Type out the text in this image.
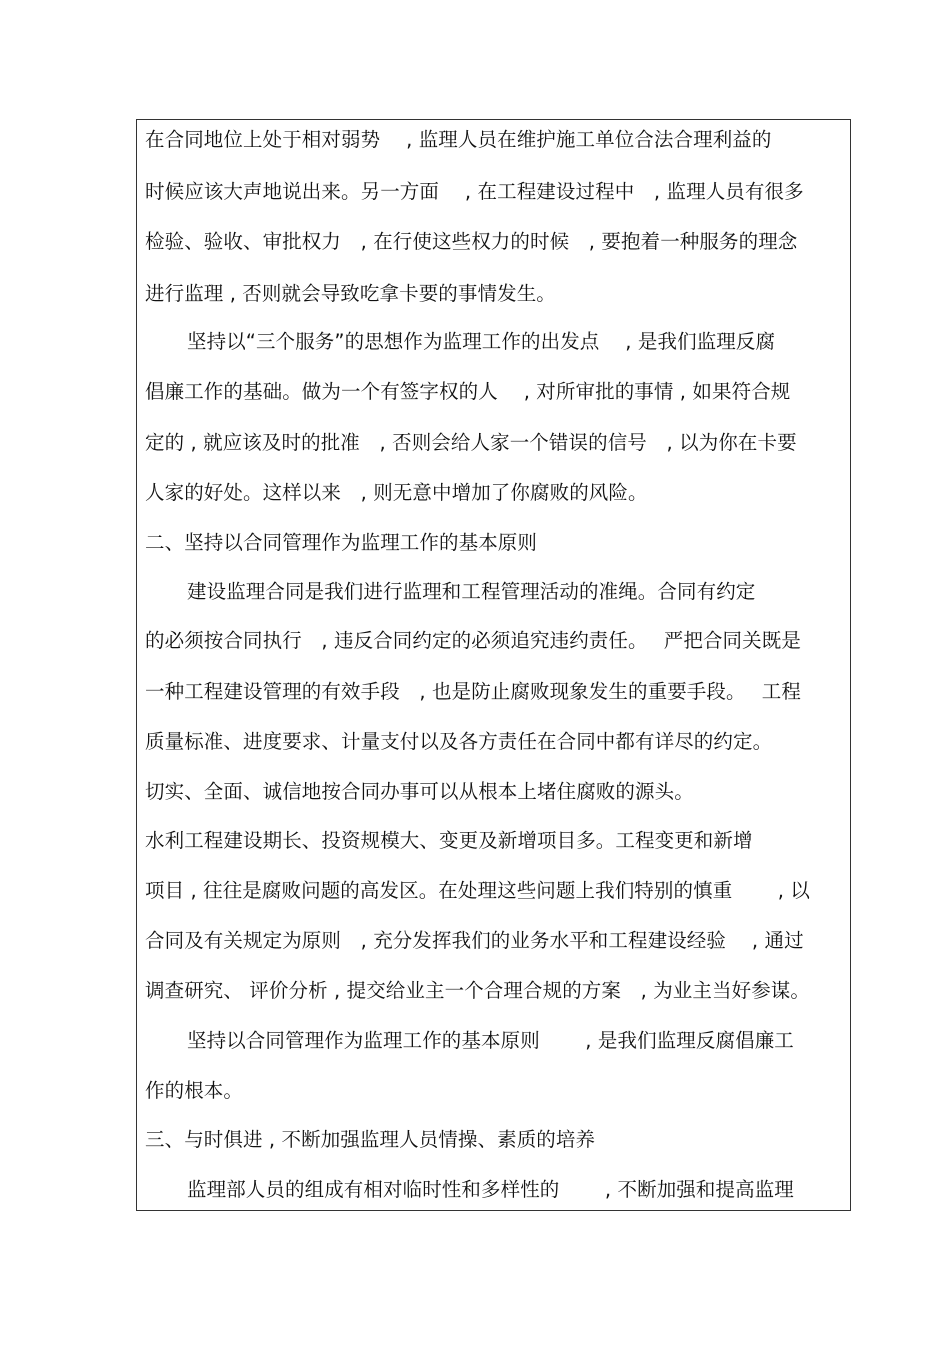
在合同地位上处于相对弱势　 , 监理人员在维护施工单位合法合理利益的
时候应该大声地说出来。另一方面　 , 在工程建设过程中　, 监理人员有很多
检验、验收、审批权力　, 在行使这些权力的时候　, 要抱着一种服务的理念
进行监理 , 否则就会导致吃拿卡要的事情发生。
坚持以“三个服务”的思想作为监理工作的出发点　 , 是我们监理反腐
倡廉工作的基础。做为一个有签字权的人　 , 对所审批的事情 , 如果符合规
定的 , 就应该及时的批准　, 否则会给人家一个错误的信号　, 以为你在卡要
人家的好处。这样以来　, 则无意中增加了你腐败的风险。
二、坚持以合同管理作为监理工作的基本原则
建设监理合同是我们进行监理和工程管理活动的准绳。合同有约定
的必须按合同执行　, 违反合同约定的必须追究违约责任。　 严把合同关既是
一种工程建设管理的有效手段　, 也是防止腐败现象发生的重要手段。　 工程
质量标准、进度要求、计量支付以及各方责任在合同中都有详尽的约定。
切实、全面、诚信地按合同办事可以从根本上堵住腐败的源头。
水利工程建设期长、投资规模大、变更及新增项目多。工程变更和新增
项目 , 往往是腐败问题的高发区。在处理这些问题上我们特别的慎重　　 , 以
合同及有关规定为原则　, 充分发挥我们的业务水平和工程建设经验　 , 通过
调查研究、 评价分析 , 提交给业主一个合理合规的方案　, 为业主当好参谋。
坚持以合同管理作为监理工作的基本原则　　 , 是我们监理反腐倡廉工
作的根本。
三、与时俱进 , 不断加强监理人员情操、素质的培养
监理部人员的组成有相对临时性和多样性的　　 , 不断加强和提高监理
